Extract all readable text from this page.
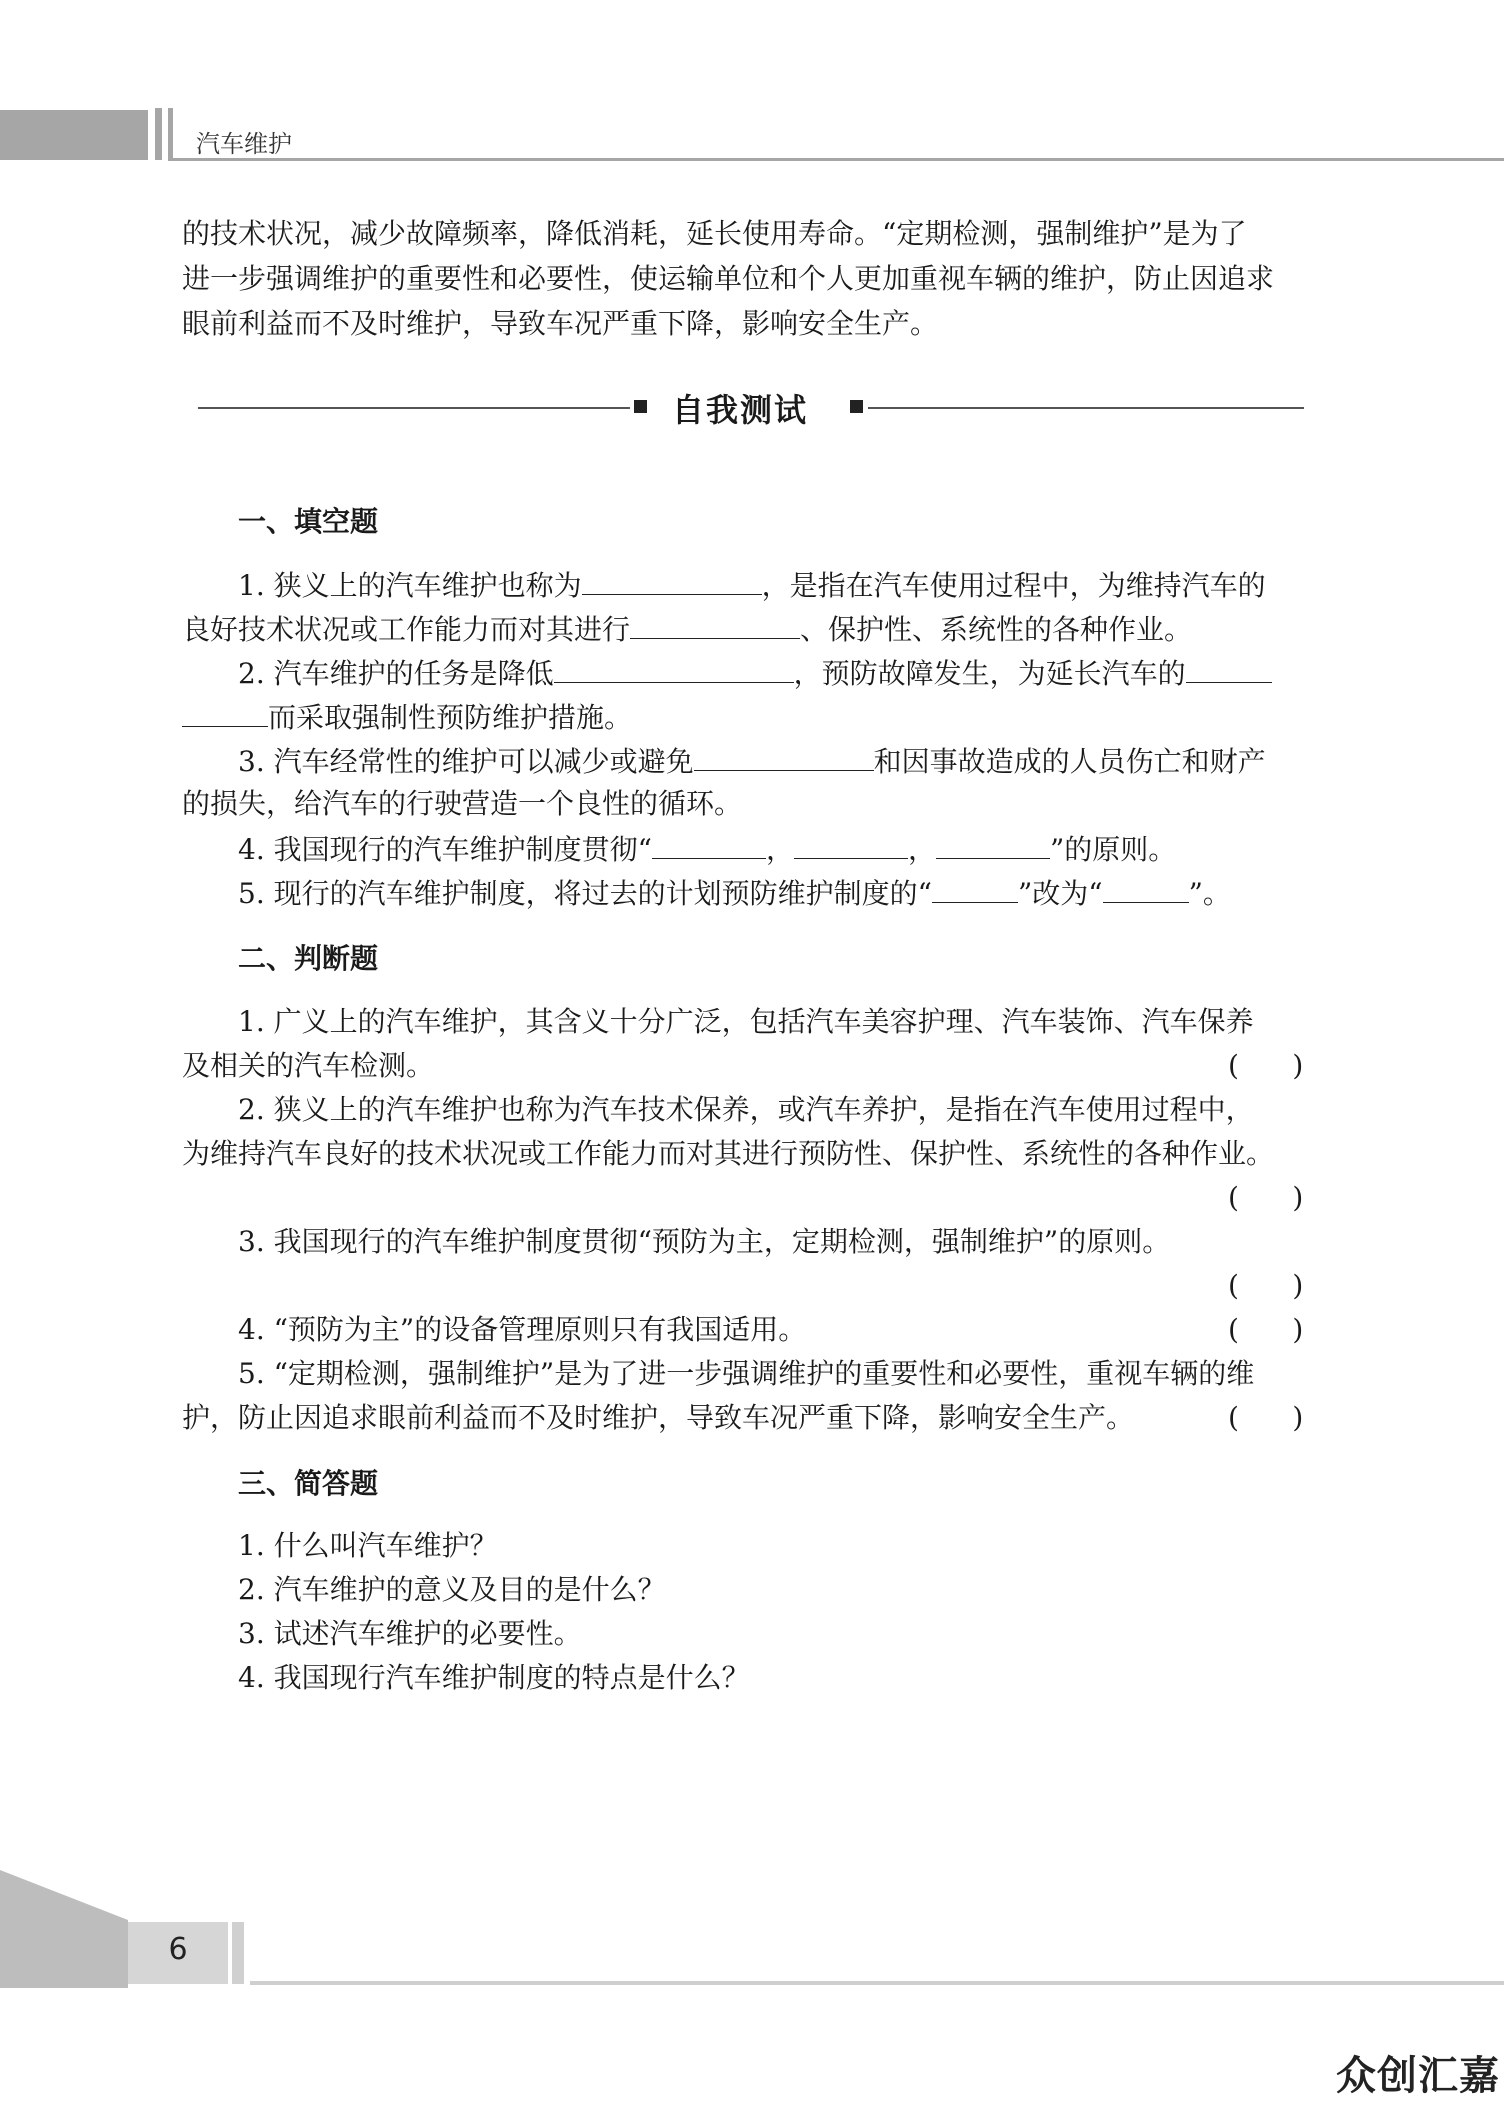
汽车维护
的技术状况，减少故障频率，降低消耗，延长使用寿命。“定期检测，强制维护”是为了
进一步强调维护的重要性和必要性，使运输单位和个人更加重视车辆的维护，防止因追求
眼前利益而不及时维护，导致车况严重下降，影响安全生产。
自我测试
一、填空题
1. 狭义上的汽车维护也称为	，是指在汽车使用过程中，为维持汽车的
良好技术状况或工作能力而对其进行	、保护性、系统性的各种作业。
2. 汽车维护的任务是降低	，预防故障发生，为延长汽车的
而采取强制性预防维护措施。
3. 汽车经常性的维护可以减少或避免	和因事故造成的人员伤亡和财产
的损失，给汽车的行驶营造一个良性的循环。
4. 我国现行的汽车维护制度贯彻“	，	，	”的原则。
5. 现行的汽车维护制度，将过去的计划预防维护制度的“	”改为“	”。
二、判断题
1. 广义上的汽车维护，其含义十分广泛，包括汽车美容护理、汽车装饰、汽车保养
及相关的汽车检测。	(      )
2. 狭义上的汽车维护也称为汽车技术保养，或汽车养护，是指在汽车使用过程中，
为维持汽车良好的技术状况或工作能力而对其进行预防性、保护性、系统性的各种作业。
(      )
3. 我国现行的汽车维护制度贯彻“预防为主，定期检测，强制维护”的原则。
(      )
4. “预防为主”的设备管理原则只有我国适用。	(      )
5. “定期检测，强制维护”是为了进一步强调维护的重要性和必要性，重视车辆的维
护，防止因追求眼前利益而不及时维护，导致车况严重下降，影响安全生产。	(      )
三、简答题
1. 什么叫汽车维护？
2. 汽车维护的意义及目的是什么？
3. 试述汽车维护的必要性。
4. 我国现行汽车维护制度的特点是什么？
6
众创汇嘉
